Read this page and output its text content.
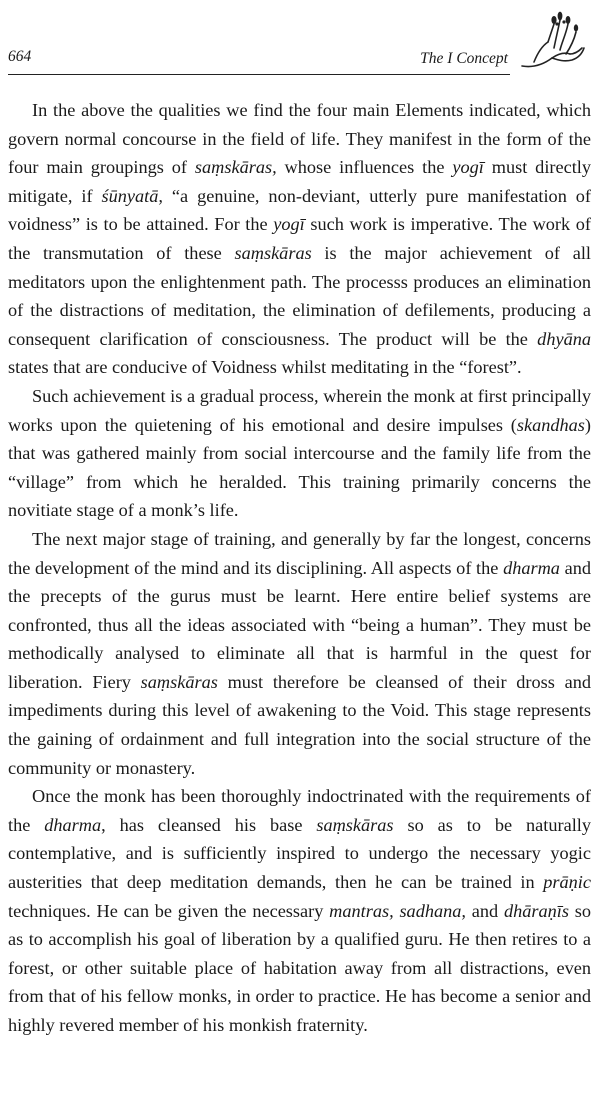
664	The I Concept

In the above the qualities we find the four main Elements indicated, which govern normal concourse in the field of life. They manifest in the form of the four main groupings of saṃskāras, whose influences the yogī must directly mitigate, if śūnyatā, “a genuine, non-deviant, utterly pure manifestation of voidness” is to be attained. For the yogī such work is imperative. The work of the transmutation of these saṃskāras is the major achievement of all meditators upon the enlightenment path. The processs produces an elimination of the distractions of meditation, the elimination of defilements, producing a consequent clarification of consciousness. The product will be the dhyāna states that are conducive of Voidness whilst meditating in the “forest”.

Such achievement is a gradual process, wherein the monk at first principally works upon the quietening of his emotional and desire impulses (skandhas) that was gathered mainly from social intercourse and the family life from the “village” from which he heralded. This training primarily concerns the novitiate stage of a monk’s life.

The next major stage of training, and generally by far the longest, concerns the development of the mind and its disciplining. All aspects of the dharma and the precepts of the gurus must be learnt. Here entire belief systems are confronted, thus all the ideas associated with “being a human”. They must be methodically analysed to eliminate all that is harmful in the quest for liberation. Fiery saṃskāras must therefore be cleansed of their dross and impediments during this level of awakening to the Void. This stage represents the gaining of ordainment and full integration into the social structure of the community or monastery.

Once the monk has been thoroughly indoctrinated with the requirements of the dharma, has cleansed his base saṃskāras so as to be naturally contemplative, and is sufficiently inspired to undergo the necessary yogic austerities that deep meditation demands, then he can be trained in prāṇic techniques. He can be given the necessary mantras, sadhana, and dhāraṇīs so as to accomplish his goal of liberation by a qualified guru. He then retires to a forest, or other suitable place of habitation away from all distractions, even from that of his fellow monks, in order to practice. He has become a senior and highly revered member of his monkish fraternity.
